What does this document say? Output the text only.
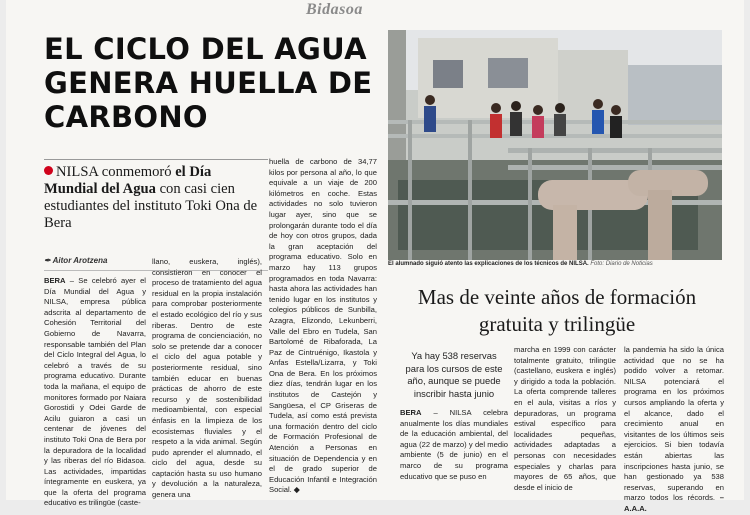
Bidasoa
EL CICLO DEL AGUA GENERA HUELLA DE CARBONO
NILSA conmemoró el Día Mundial del Agua con casi cien estudiantes del instituto Toki Ona de Bera
✒ Aitor Arotzena
BERA – Se celebró ayer el Día Mundial del Agua y NILSA, empresa pública adscrita al departamento de Cohesión Territorial del Gobierno de Navarra, responsable también del Plan del Ciclo Integral del Agua, lo celebró a través de su programa educativo. Durante toda la mañana, el equipo de monitores formado por Naiara Gorostidi y Odei Garde de Acilu guiaron a casi un centenar de jóvenes del instituto Toki Ona de Bera por la depuradora de la localidad y las riberas del río Bidasoa. Las actividades, impartidas íntegramente en euskera, ya que la oferta del programa educativo es trilingüe (caste-
llano, euskera, inglés), consistieron en conocer el proceso de tratamiento del agua residual en la propia instalación para comprobar posteriormente el estado ecológico del río y sus riberas. Dentro de este programa de concienciación, no solo se pretende dar a conocer el ciclo del agua potable y posteriormente residual, sino también educar en buenas prácticas de ahorro de este recurso y de sostenibilidad medioambiental, con especial énfasis en la limpieza de los ecosistemas fluviales y el respeto a la vida animal. Según pudo aprender el alumnado, el ciclo del agua, desde su captación hasta su uso humano y devolución a la naturaleza, genera una
huella de carbono de 34,77 kilos por persona al año, lo que equivale a un viaje de 200 kilómetros en coche. Estas actividades no solo tuvieron lugar ayer, sino que se prolongarán durante todo el día de hoy con otros grupos, dada la gran aceptación del programa educativo. Solo en marzo hay 113 grupos programados en toda Navarra: hasta ahora las actividades han tenido lugar en los institutos y colegios públicos de Sunbilla, Azagra, Elizondo, Lekunberri, Valle del Ebro en Tudela, San Bartolomé de Ribaforada, La Paz de Cintruénigo, Ikastola y Anfas Estella/Lizarra, y Toki Ona de Bera. En los próximos diez días, tendrán lugar en los institutos de Castejón y Sangüesa, el CP Griseras de Tudela, así como está prevista una formación dentro del ciclo de Formación Profesional de Atención a Personas en situación de Dependencia y en el de grado superior de Educación Infantil e Integración Social. ◆
El alumnado siguió atento las explicaciones de los técnicos de NILSA. Foto: Diario de Noticias
Mas de veinte años de formación gratuita y trilingüe
Ya hay 538 reservas para los cursos de este año, aunque se puede inscribir hasta junio
BERA – NILSA celebra anualmente los días mundiales de la educación ambiental, del agua (22 de marzo) y del medio ambiente (5 de junio) en el marco de su programa educativo que se puso en
marcha en 1999 con carácter totalmente gratuito, trilingüe (castellano, euskera e inglés) y dirigido a toda la población. La oferta comprende talleres en el aula, visitas a ríos y depuradoras, un programa estival específico para localidades pequeñas, actividades adaptadas a personas con necesidades especiales y charlas para mayores de 65 años, que desde el inicio de
la pandemia ha sido la única actividad que no se ha podido volver a retomar. NILSA potenciará el programa en los próximos cursos ampliando la oferta y el alcance, dado el crecimiento anual en visitantes de los últimos seis ejercicios. Si bien todavía están abiertas las inscripciones hasta junio, se han gestionado ya 538 reservas, superando en marzo todos los récords. – A.A.A.
